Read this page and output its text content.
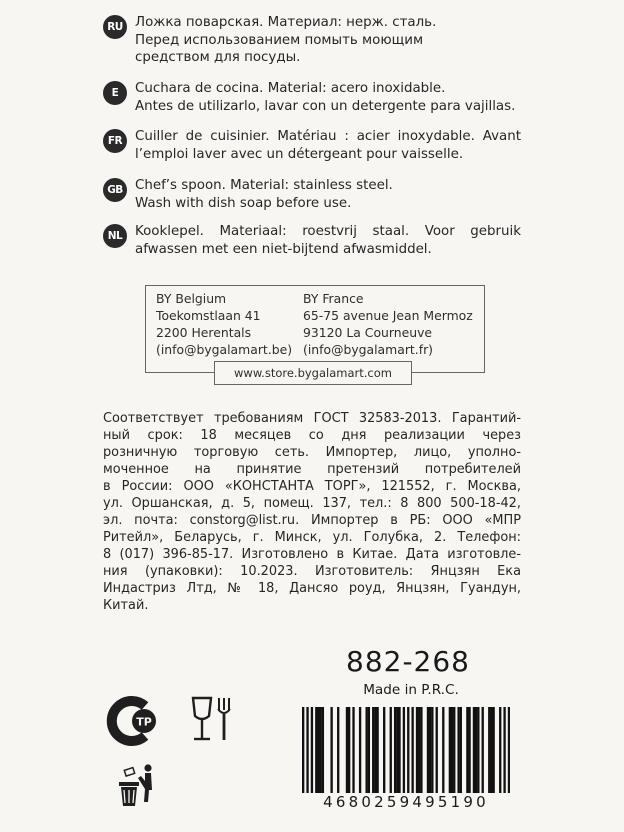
RU Ложка поварская. Материал: нерж. сталь.
Перед использованием помыть моющим
средством для посуды.
E	Cuchara de cocina. Material: acero inoxidable.
Antes de utilizarlo, lavar con un detergente para vajillas.
FR Cuiller de cuisinier. Matériau : acier inoxydable. Avant l’emploi laver avec un détergeant pour vaisselle.
GB Chef’s spoon. Material: stainless steel.
Wash with dish soap before use.
NL Kooklepel. Materiaal: roestvrij staal. Voor gebruik afwassen met een niet-bijtend afwasmiddel.
BY Belgium
Toekomstlaan 41
2200 Herentals
(info@bygalamart.be)
BY France
65-75 avenue Jean Mermoz
93120 La Courneuve
(info@bygalamart.fr)
www.store.bygalamart.com
Соответствует требованиям ГОСТ 32583-2013. Гарантий-
ный срок: 18 месяцев со дня реализации через
розничную торговую сеть. Импортер, лицо, уполно-
моченное на принятие претензий потребителей
в России: ООО «КОНСТАНТА ТОРГ», 121552, г. Москва,
ул. Оршанская, д. 5, помещ. 137, тел.: 8 800 500-18-42,
эл. почта: constorg@list.ru. Импортер в РБ: ООО «МПР
Ритейл», Беларусь, г. Минск, ул. Голубка, 2. Телефон:
8 (017) 396-85-17. Изготовлено в Китае. Дата изготовле-
ния (упаковки): 10.2023. Изготовитель: Янцзян Ека
Индастриз Лтд, № 18, Дансяо роуд, Янцзян, Гуандун,
Китай.
TP
882-268
Made in P.R.C.
4680259495190
